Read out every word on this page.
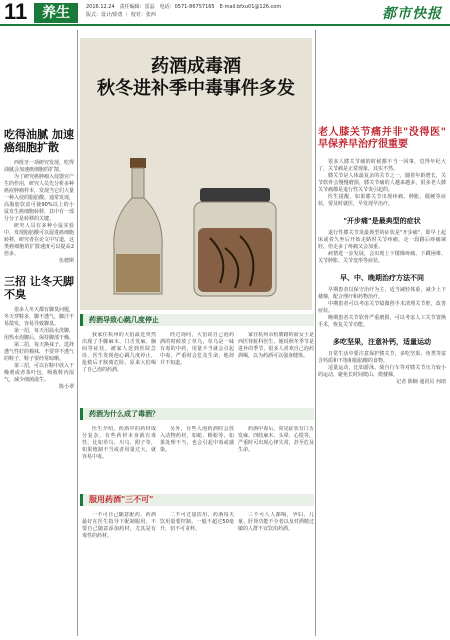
11	养生	2016.12.24　责任编辑：雷晶　电话：0571-86757165　E-mail:bfxu01@126.com
版式：设计/徐勇 ｜ 校对：张西　　　　　　　　　　　	都市快报
吃得油腻 加速癌细胞扩散

西班牙一项研究发现，吃得油腻会加速癌细胞的扩散。

为了研究癌肿瘤入侵器官产生的作用，研究人员先分析多种癌症肿瘤样本，发现当它们大量一种入侵的脂肪酸。通常发现，高脂肪饮食可使90%以上的小鼠发生癌细胞转移，其中有一部分分子是转移的关键。

研究人员在多种小鼠实验中，发现脂肪酸可以促进癌细胞转移，研究者在论文中写道，这类癌细胞的扩散速度可以提高2倍多。

伍德斯

三招 让冬天脚不臭

很多人冬天都有脚臭问题，冬天穿鞋多，脚不透气，脚汗不易散发，容易导致脚臭。

第一招，每天用温水洗脚，用热水泡脚后，保持脚部干燥。

第二招，每天换袜子，选择透气性好的棉袜，不要穿不透气的鞋子，鞋子要经常晾晒。

第三招，可以在鞋中放入干燥剂或者茶叶包，吸收鞋内湿气，减少细菌滋生。

陈小翠

药酒成毒酒
秋冬进补季中毒事件多发
药酒导致心跳几度停止

我家住杭州的大伯最近突然出现了手脚麻木、口舌发麻、胸闷等症状，被家人送到医院急诊，医生发现他心跳几度停止，抢救后才脱离危险。原来大伯喝了自己泡的药酒。

经过询问，大伯说自己泡药酒的时候放了草乌，草乌是一味有毒的中药，用量不当就会引起中毒，严重时会危及生命，他却并不知道。

家住杭州余杭塘路的俞女士是西医肾脏科医生，她说秋冬季节是进补的季节，很多人喜欢自己泡药酒喝，以为药酒可以强身健体。

药酒为什么成了毒酒？

医生介绍，药酒中的药材成分复杂，有些药材本身就有毒性，比如草乌、川乌、附子等，如果炮制不当或者用量过大，就容易中毒。

另外，有些人泡药酒时会放入动物药材，如蛇、蜈蚣等，如果处理不当，也会引起中毒或感染。

药酒中毒后，常见症状有口舌发麻、四肢麻木、头晕、心慌等，严重时可出现心律失常，甚至危及生命。

服用药酒"三不可"

一不可自己随意配药，药酒最好在医生指导下配制服用，不要自己随意添加药材，尤其是有毒性的药材。

二不可过量饮用，药酒每天饮用量要控制，一般不超过50毫升，切不可贪杯。

三不可人人都喝，孕妇、儿童、肝肾功能不全者以及对酒精过敏的人群不宜饮用药酒。

老人膝关节痛并非"没得医" 早保养早治疗很重要

很多人膝关节痛的时候都不当一回事，觉得年纪大了，关节痛是正常现象，其实不然。

膝关节是人体最复杂的关节之一，随着年龄增长，关节软骨会慢慢磨损，膝关节痛的人越来越多，很多老人膝关节痛都是退行性关节炎引起的。

医生提醒，如果膝关节出现疼痛、肿胀、僵硬等症状，要及时就医，早发现早治疗。

"开步痛"是最典型的症状

退行性膝关节炎最典型的症状是"开步痛"，即早上起床或者久坐后开始走路时关节疼痛，走一段路后疼痛减轻，但走多了疼痛又会加重。

病情进一步发展，会出现上下楼梯疼痛、下蹲困难、关节肿胀、关节变形等症状。

早、中、晚期治疗方法不同

早期患者以保守治疗为主，适当减轻体重，减少上下楼梯，配合理疗和药物治疗。

中期患者可以考虑关节镜微创手术清理关节腔，改善症状。

晚期患者关节软骨严重磨损，可以考虑人工关节置换手术，恢复关节功能。

多吃坚果，注意补钙，适量运动

日常生活中要注意保护膝关节，多吃坚果、鱼类等富含钙质和不饱和脂肪酸的食物。

适量运动，比如游泳、骑自行车等对膝关节压力较小的运动，避免长时间爬山、爬楼梯。

记者 陈楠 通讯员 何雨
